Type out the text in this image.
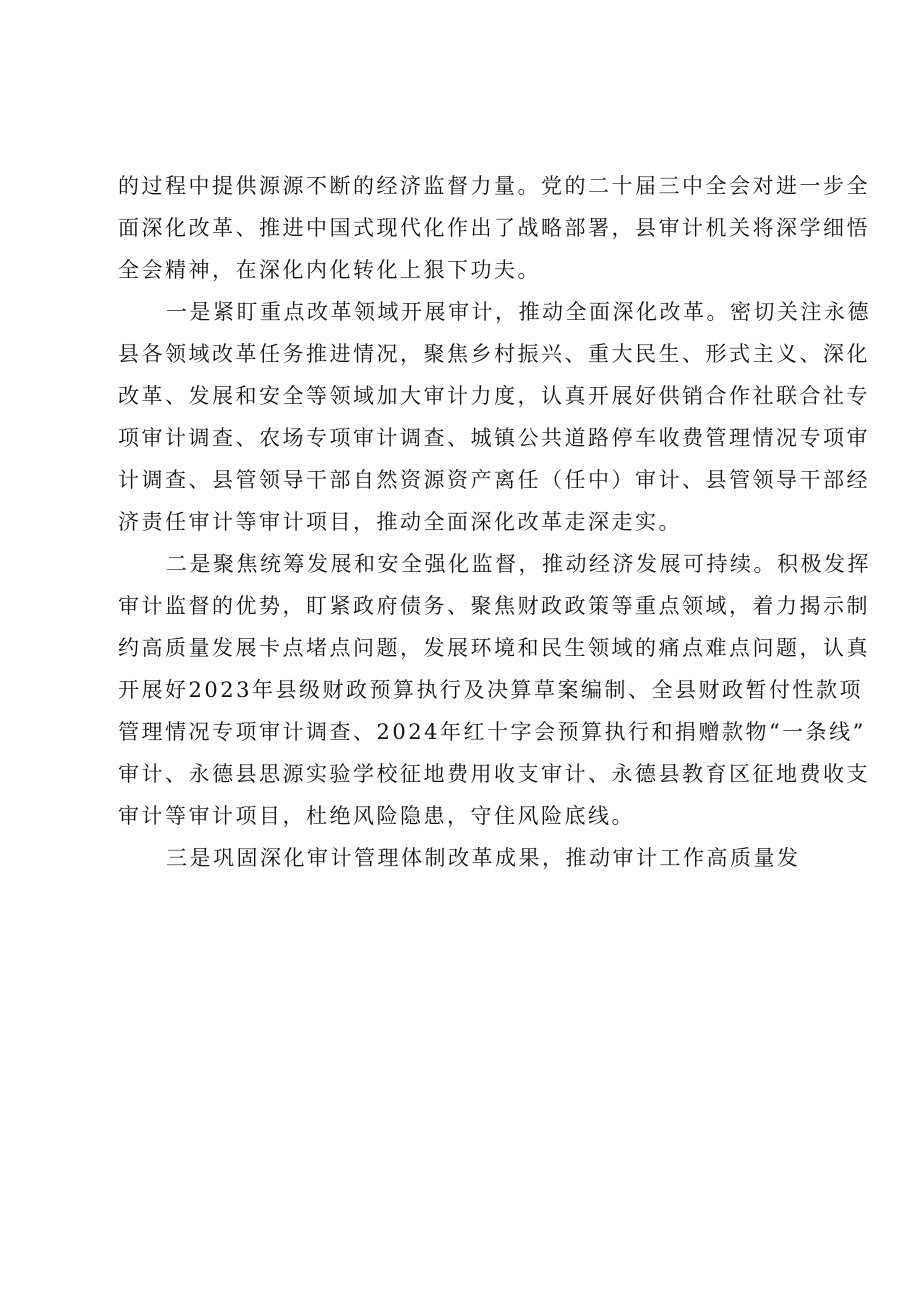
的过程中提供源源不断的经济监督力量。党的二十届三中全会对进一步全
面深化改革、推进中国式现代化作出了战略部署，县审计机关将深学细悟
全会精神，在深化内化转化上狠下功夫。

一是紧盯重点改革领域开展审计，推动全面深化改革。密切关注永德
县各领域改革任务推进情况，聚焦乡村振兴、重大民生、形式主义、深化
改革、发展和安全等领域加大审计力度，认真开展好供销合作社联合社专
项审计调查、农场专项审计调查、城镇公共道路停车收费管理情况专项审
计调查、县管领导干部自然资源资产离任（任中）审计、县管领导干部经
济责任审计等审计项目，推动全面深化改革走深走实。

二是聚焦统筹发展和安全强化监督，推动经济发展可持续。积极发挥
审计监督的优势，盯紧政府债务、聚焦财政政策等重点领域，着力揭示制
约高质量发展卡点堵点问题，发展环境和民生领域的痛点难点问题，认真
开展好2023年县级财政预算执行及决算草案编制、全县财政暂付性款项
管理情况专项审计调查、2024年红十字会预算执行和捐赠款物“一条线”
审计、永德县思源实验学校征地费用收支审计、永德县教育区征地费收支
审计等审计项目，杜绝风险隐患，守住风险底线。

三是巩固深化审计管理体制改革成果，推动审计工作高质量发
